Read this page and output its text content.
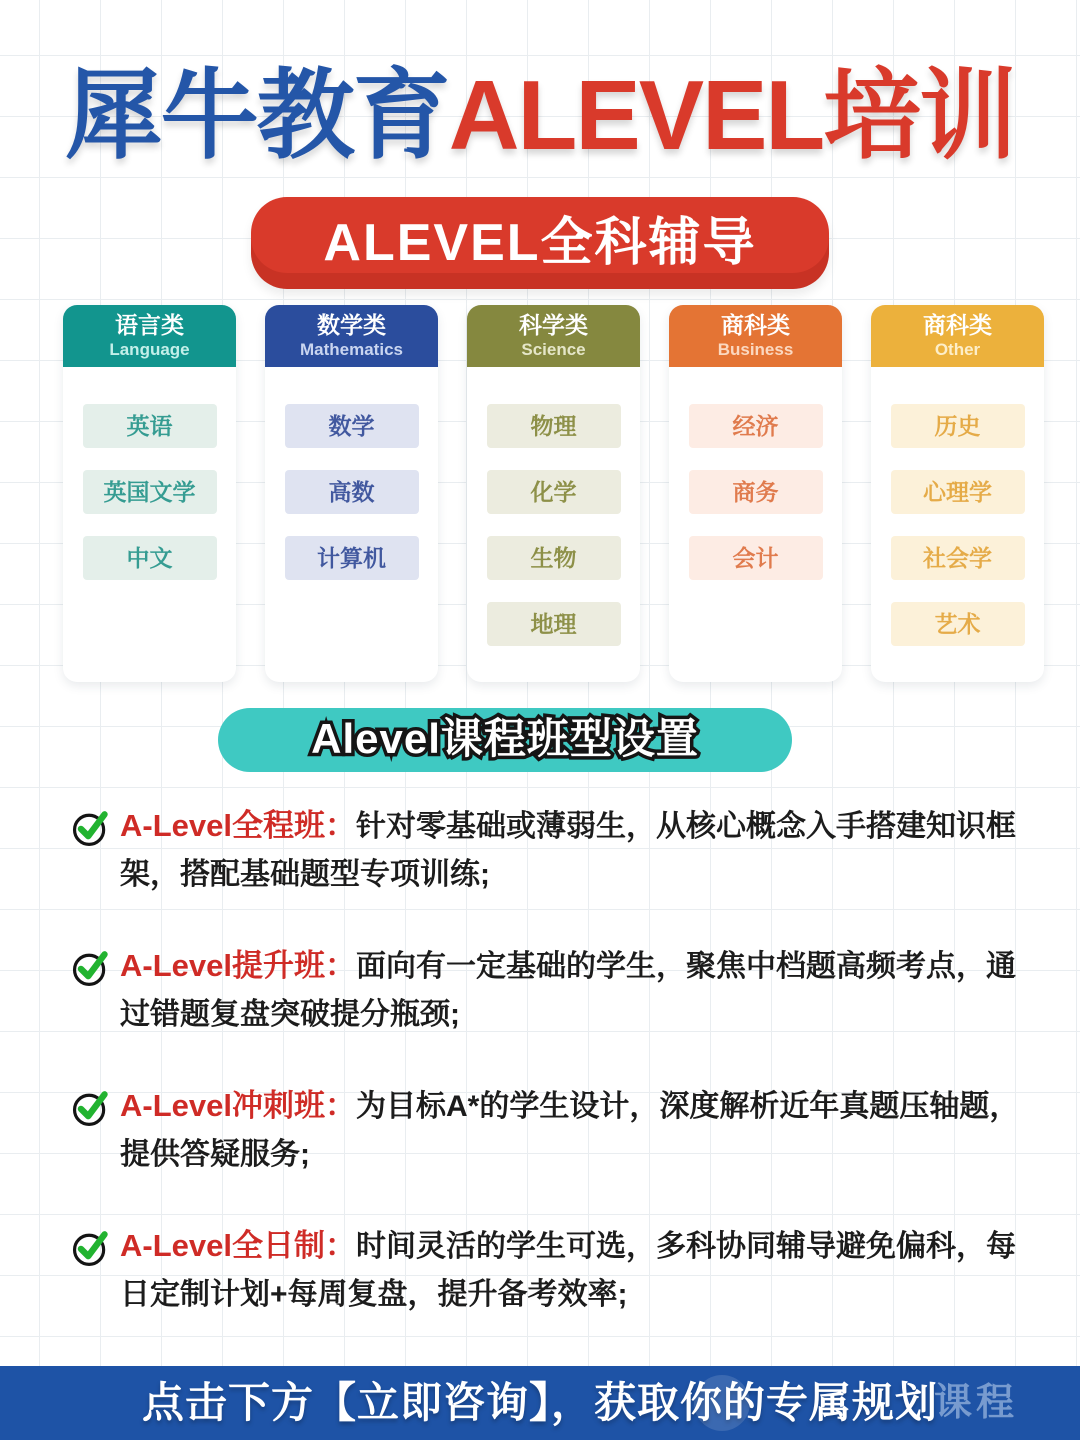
犀牛教育ALEVEL培训
ALEVEL全科辅导
语言类
Language
英语
英国文学
中文
数学类
Mathematics
数学
高数
计算机
科学类
Science
物理
化学
生物
地理
商科类
Business
经济
商务
会计
商科类
Other
历史
心理学
社会学
艺术
Alevel课程班型设置

A-Level全程班：针对零基础或薄弱生，从核心概念入手搭建知识框架，搭配基础题型专项训练;

A-Level提升班：面向有一定基础的学生，聚焦中档题高频考点，通过错题复盘突破提分瓶颈;

A-Level冲刺班：为目标A*的学生设计，深度解析近年真题压轴题，提供答疑服务;

A-Level全日制：时间灵活的学生可选，多科协同辅导避免偏科，每日定制计划+每周复盘，提升备考效率;

点击下方【立即咨询】，获取你的专属规划
课程
